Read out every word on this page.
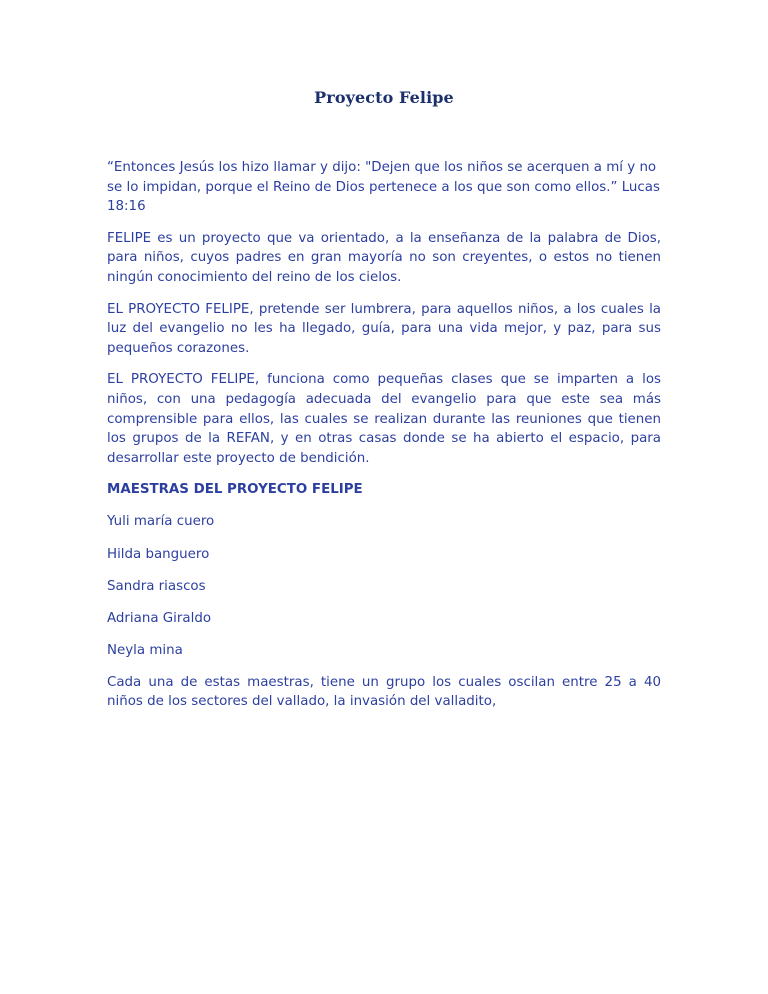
Proyecto Felipe

“Entonces Jesús los hizo llamar y dijo: "Dejen que los niños se acerquen a mí y no se lo impidan, porque el Reino de Dios pertenece a los que son como ellos.” Lucas 18:16

FELIPE es un proyecto que va orientado, a la enseñanza de la palabra de Dios, para niños, cuyos padres en gran mayoría no son creyentes, o estos no tienen ningún conocimiento del reino de los cielos.

EL PROYECTO FELIPE, pretende ser lumbrera, para aquellos niños, a los cuales la luz del evangelio no les ha llegado, guía, para una vida mejor, y paz, para sus pequeños corazones.

EL PROYECTO FELIPE, funciona como pequeñas clases que se imparten a los niños, con una pedagogía adecuada del evangelio para que este sea más comprensible para ellos, las cuales se realizan durante las reuniones que tienen los grupos de la REFAN, y en otras casas donde se ha abierto el espacio, para desarrollar este proyecto de bendición.

MAESTRAS DEL PROYECTO FELIPE

Yuli maría cuero

Hilda banguero

Sandra riascos

Adriana Giraldo

Neyla mina

Cada una de estas maestras, tiene un grupo los cuales oscilan entre 25 a 40 niños de los sectores del vallado, la invasión del valladito,
